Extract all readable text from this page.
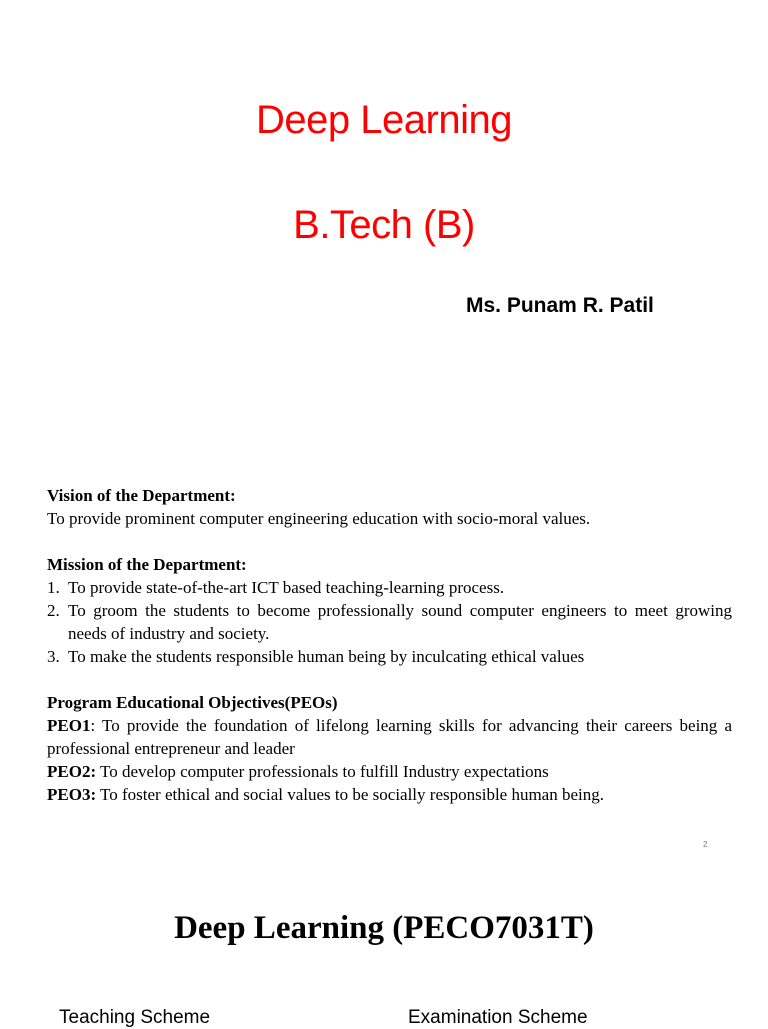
Deep Learning
B.Tech (B)
Ms. Punam R. Patil

Vision of the Department:

To provide prominent computer engineering education with socio-moral values.

Mission of the Department:

1. To provide state-of-the-art ICT based teaching-learning process.
2. To groom the students to become professionally sound computer engineers to meet growing needs of industry and society.
3. To make the students responsible human being by inculcating ethical values

Program Educational Objectives(PEOs)

PEO1: To provide the foundation of lifelong learning skills for advancing their careers being a professional entrepreneur and leader

PEO2: To develop computer professionals to fulfill Industry expectations

PEO3: To foster ethical and social values to be socially responsible human being.

2
Deep Learning (PECO7031T)
Teaching Scheme	Examination Scheme
